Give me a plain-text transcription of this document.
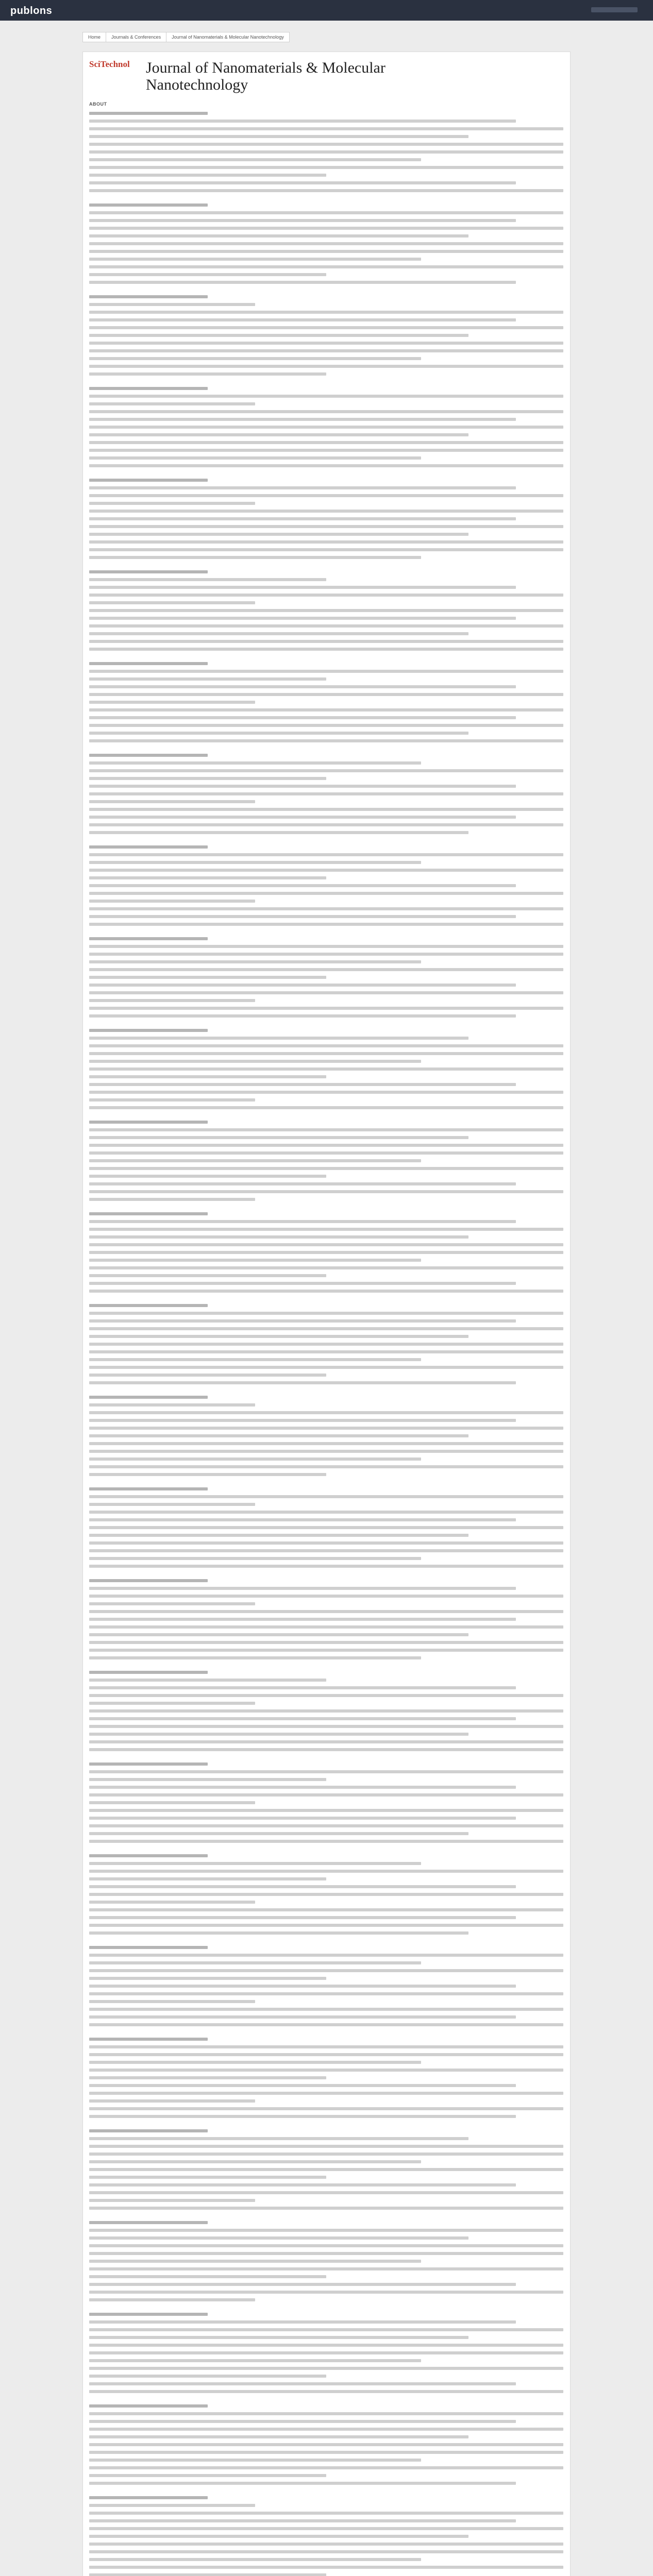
publons
Home	Journals & Conferences	Journal of Nanomaterials & Molecular Nanotechnology
SciTechnol	Journal of Nanomaterials & Molecular Nanotechnology
ABOUT
